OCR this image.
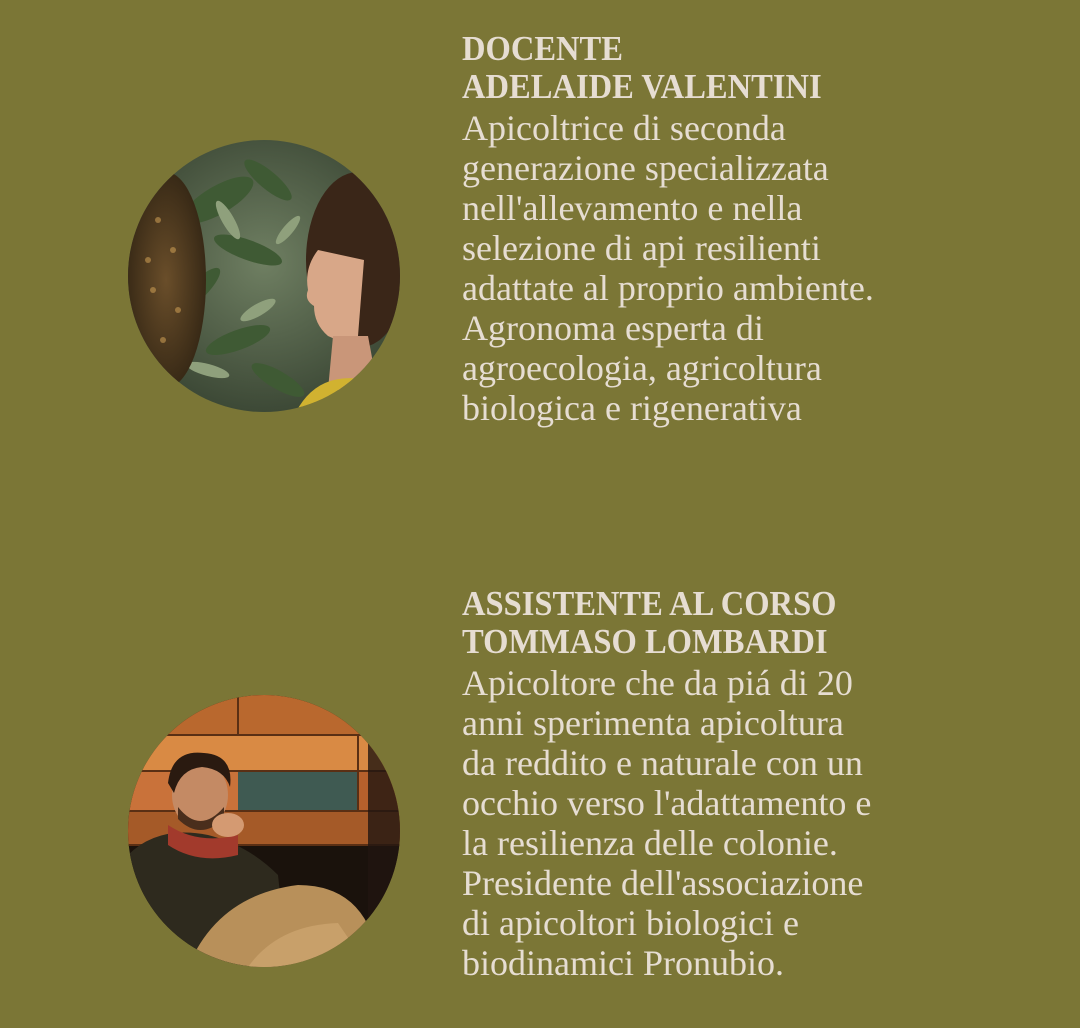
DOCENTE
ADELAIDE VALENTINI

Apicoltrice di seconda
generazione specializzata
nell'allevamento e nella
selezione di api resilienti
adattate al proprio ambiente.
Agronoma esperta di
agroecologia, agricoltura
biologica e rigenerativa

ASSISTENTE AL CORSO
TOMMASO LOMBARDI

Apicoltore che da piá di 20
anni sperimenta apicoltura
da reddito e naturale con un
occhio verso l'adattamento e
la resilienza delle colonie.
Presidente dell'associazione
di apicoltori biologici e
biodinamici Pronubio.
